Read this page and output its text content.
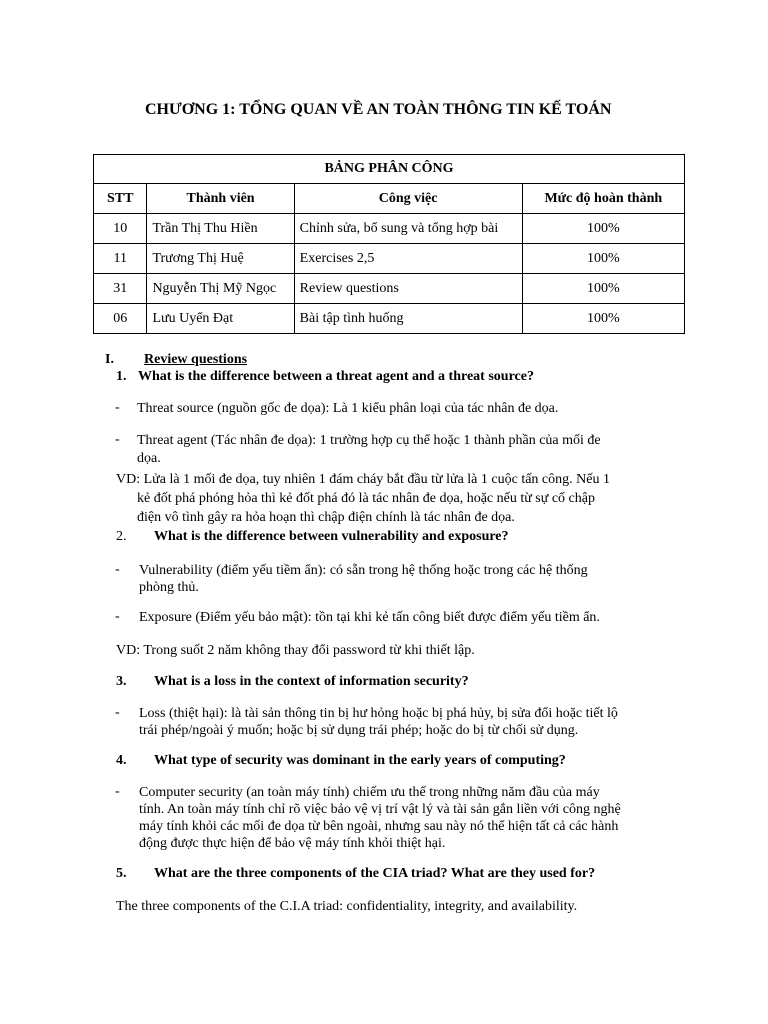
CHƯƠNG 1: TỔNG QUAN VỀ AN TOÀN THÔNG TIN KẾ TOÁN
BẢNG PHÂN CÔNG			
STT	Thành viên	Công việc	Mức độ hoàn thành
10	Trần Thị Thu Hiền	Chỉnh sửa, bổ sung và tổng hợp bài	100%
11	Trương Thị Huệ	Exercises 2,5	100%
31	Nguyễn Thị Mỹ Ngọc	Review questions	100%
06	Lưu Uyển Đạt	Bài tập tình huống	100%
I. Review questions
1. What is the difference between a threat agent and a threat source?
- Threat source (nguồn gốc đe dọa): Là 1 kiểu phân loại của tác nhân đe dọa.
- Threat agent (Tác nhân đe dọa): 1 trường hợp cụ thể hoặc 1 thành phần của mối đe
dọa.
VD: Lửa là 1 mối đe dọa, tuy nhiên 1 đám cháy bắt đầu từ lửa là 1 cuộc tấn công. Nếu 1
kẻ đốt phá phóng hỏa thì kẻ đốt phá đó là tác nhân đe dọa, hoặc nếu từ sự cố chập
điện vô tình gây ra hỏa hoạn thì chập điện chính là tác nhân đe dọa.
2. What is the difference between vulnerability and exposure?
- Vulnerability (điểm yếu tiềm ẩn): có sẵn trong hệ thống hoặc trong các hệ thống
phòng thủ.
- Exposure (Điểm yếu bảo mật): tồn tại khi kẻ tấn công biết được điểm yếu tiềm ẩn.
VD: Trong suốt 2 năm không thay đổi password từ khi thiết lập.
3. What is a loss in the context of information security?
- Loss (thiệt hại): là tài sản thông tin bị hư hỏng hoặc bị phá hủy, bị sửa đổi hoặc tiết lộ
trái phép/ngoài ý muốn; hoặc bị sử dụng trái phép; hoặc do bị từ chối sử dụng.
4. What type of security was dominant in the early years of computing?
- Computer security (an toàn máy tính) chiếm ưu thế trong những năm đầu của máy
tính. An toàn máy tính chỉ rõ việc bảo vệ vị trí vật lý và tài sản gắn liền với công nghệ
máy tính khỏi các mối đe dọa từ bên ngoài, nhưng sau này nó thể hiện tất cả các hành
động được thực hiện để bảo vệ máy tính khỏi thiệt hại.
5. What are the three components of the CIA triad? What are they used for?
The three components of the C.I.A triad: confidentiality, integrity, and availability.
